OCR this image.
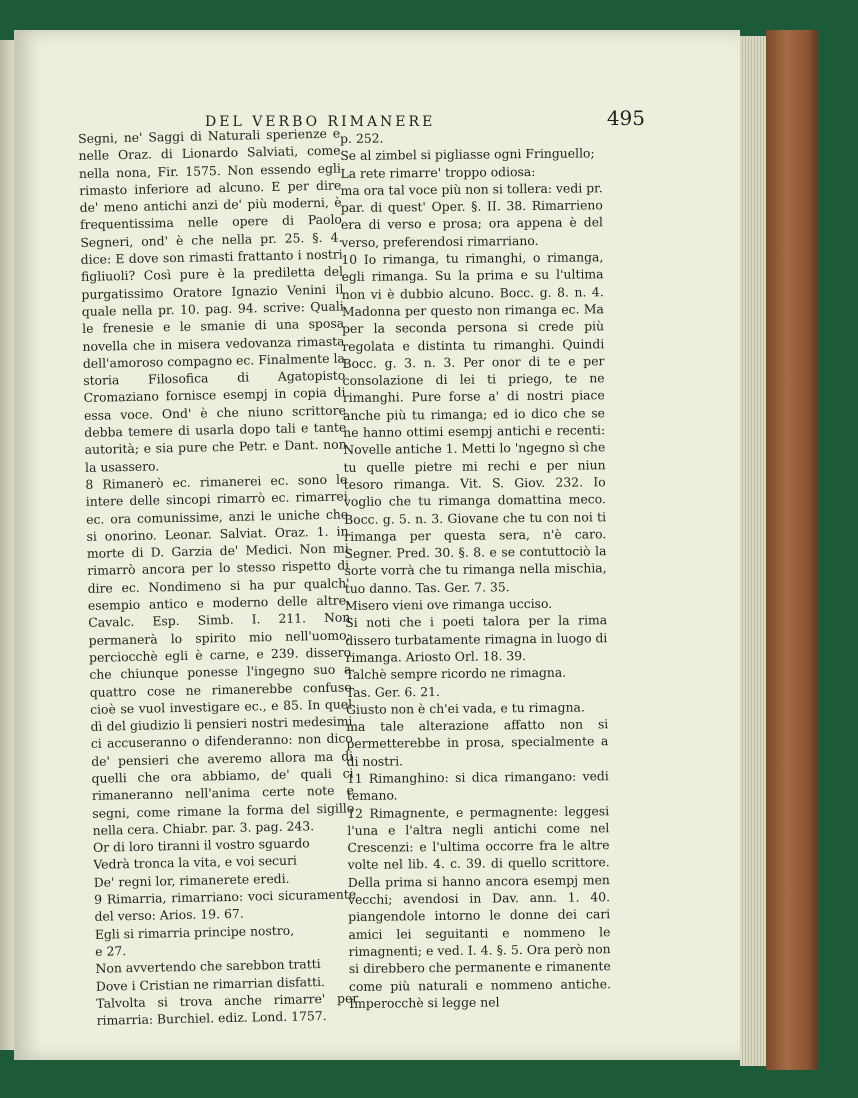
DEL VERBO RIMANERE	495

Segni, ne' Saggi di Naturali sperienze e nelle Oraz. di Lionardo Salviati, come nella nona, Fir. 1575. Non essendo egli rimasto inferiore ad alcuno. E per dire de' meno antichi anzi de' più moderni, è frequentissima nelle opere di Paolo Segneri, ond' è che nella pr. 25. §. 4. dice: E dove son rimasti frattanto i nostri figliuoli? Così pure è la prediletta del purgatissimo Oratore Ignazio Venini il quale nella pr. 10. pag. 94. scrive: Quali le frenesie e le smanie di una sposa novella che in misera vedovanza rimasta dell'amoroso compagno ec. Finalmente la storia Filosofica di Agatopisto Cromaziano fornisce esempj in copia di essa voce. Ond' è che niuno scrittore debba temere di usarla dopo tali e tante autorità; e sia pure che Petr. e Dant. non la usassero.
8 Rimanerò ec. rimanerei ec. sono le intere delle sincopi rimarrò ec. rimarrei ec. ora comunissime, anzi le uniche che si onorino. Leonar. Salviat. Oraz. 1. in morte di D. Garzia de' Medici. Non mi rimarrò ancora per lo stesso rispetto di dire ec. Nondimeno si ha pur qualch' esempio antico e moderno delle altre. Cavalc. Esp. Simb. I. 211. Non permanerà lo spirito mio nell'uomo; perciocchè egli è carne, e 239. dissero che chiunque ponesse l'ingegno suo a quattro cose ne rimanerebbe confuso cioè se vuol investigare ec., e 85. In quel dì del giudizio li pensieri nostri medesimi ci accuseranno o difenderanno: non dico de' pensieri che averemo allora ma di quelli che ora abbiamo, de' quali ci rimaneranno nell'anima certe note e segni, come rimane la forma del sigillo nella cera. Chiabr. par. 3. pag. 243.
Or di loro tiranni il vostro sguardo
Vedrà tronca la vita, e voi securi
De' regni lor, rimanerete eredi.
9 Rimarria, rimarriano: voci sicuramente del verso: Arios. 19. 67.
Egli si rimarria principe nostro,
e 27.
Non avvertendo che sarebbon tratti
Dove i Cristian ne rimarrian disfatti.
Talvolta si trova anche rimarre' per rimarria: Burchiel. ediz. Lond. 1757.

p. 252.
Se al zimbel si pigliasse ogni Fringuello;
La rete rimarre' troppo odiosa:
ma ora tal voce più non si tollera: vedi pr. par. di quest' Oper. §. II. 38. Rimarrieno era di verso e prosa; ora appena è del verso, preferendosi rimarriano.
10 Io rimanga, tu rimanghi, o rimanga, egli rimanga. Su la prima e su l'ultima non vi è dubbio alcuno. Bocc. g. 8. n. 4. Madonna per questo non rimanga ec. Ma per la seconda persona si crede più regolata e distinta tu rimanghi. Quindi Bocc. g. 3. n. 3. Per onor di te e per consolazione di lei ti priego, te ne rimanghi. Pure forse a' di nostri piace anche più tu rimanga; ed io dico che se ne hanno ottimi esempj antichi e recenti: Novelle antiche 1. Metti lo 'ngegno sì che tu quelle pietre mi rechi e per niun tesoro rimanga. Vit. S. Giov. 232. Io voglio che tu rimanga domattina meco. Bocc. g. 5. n. 3. Giovane che tu con noi ti rimanga per questa sera, n'è caro. Segner. Pred. 30. §. 8. e se contuttociò la sorte vorrà che tu rimanga nella mischia, tuo danno. Tas. Ger. 7. 35.
Misero vieni ove rimanga ucciso.
Si noti che i poeti talora per la rima dissero turbatamente rimagna in luogo di rimanga. Ariosto Orl. 18. 39.
Talchè sempre ricordo ne rimagna.
Tas. Ger. 6. 21.
Giusto non è ch'ei vada, e tu rimagna.
ma tale alterazione affatto non si permetterebbe in prosa, specialmente a di nostri.
11 Rimanghino: si dica rimangano: vedi temano.
12 Rimagnente, e permagnente: leggesi l'una e l'altra negli antichi come nel Crescenzi: e l'ultima occorre fra le altre volte nel lib. 4. c. 39. di quello scrittore. Della prima si hanno ancora esempj men vecchi; avendosi in Dav. ann. 1. 40. piangendole intorno le donne dei cari amici lei seguitanti e nommeno le rimagnenti; e ved. I. 4. §. 5. Ora però non si direbbero che permanente e rimanente come più naturali e nommeno antiche. Imperocchè si legge nel
